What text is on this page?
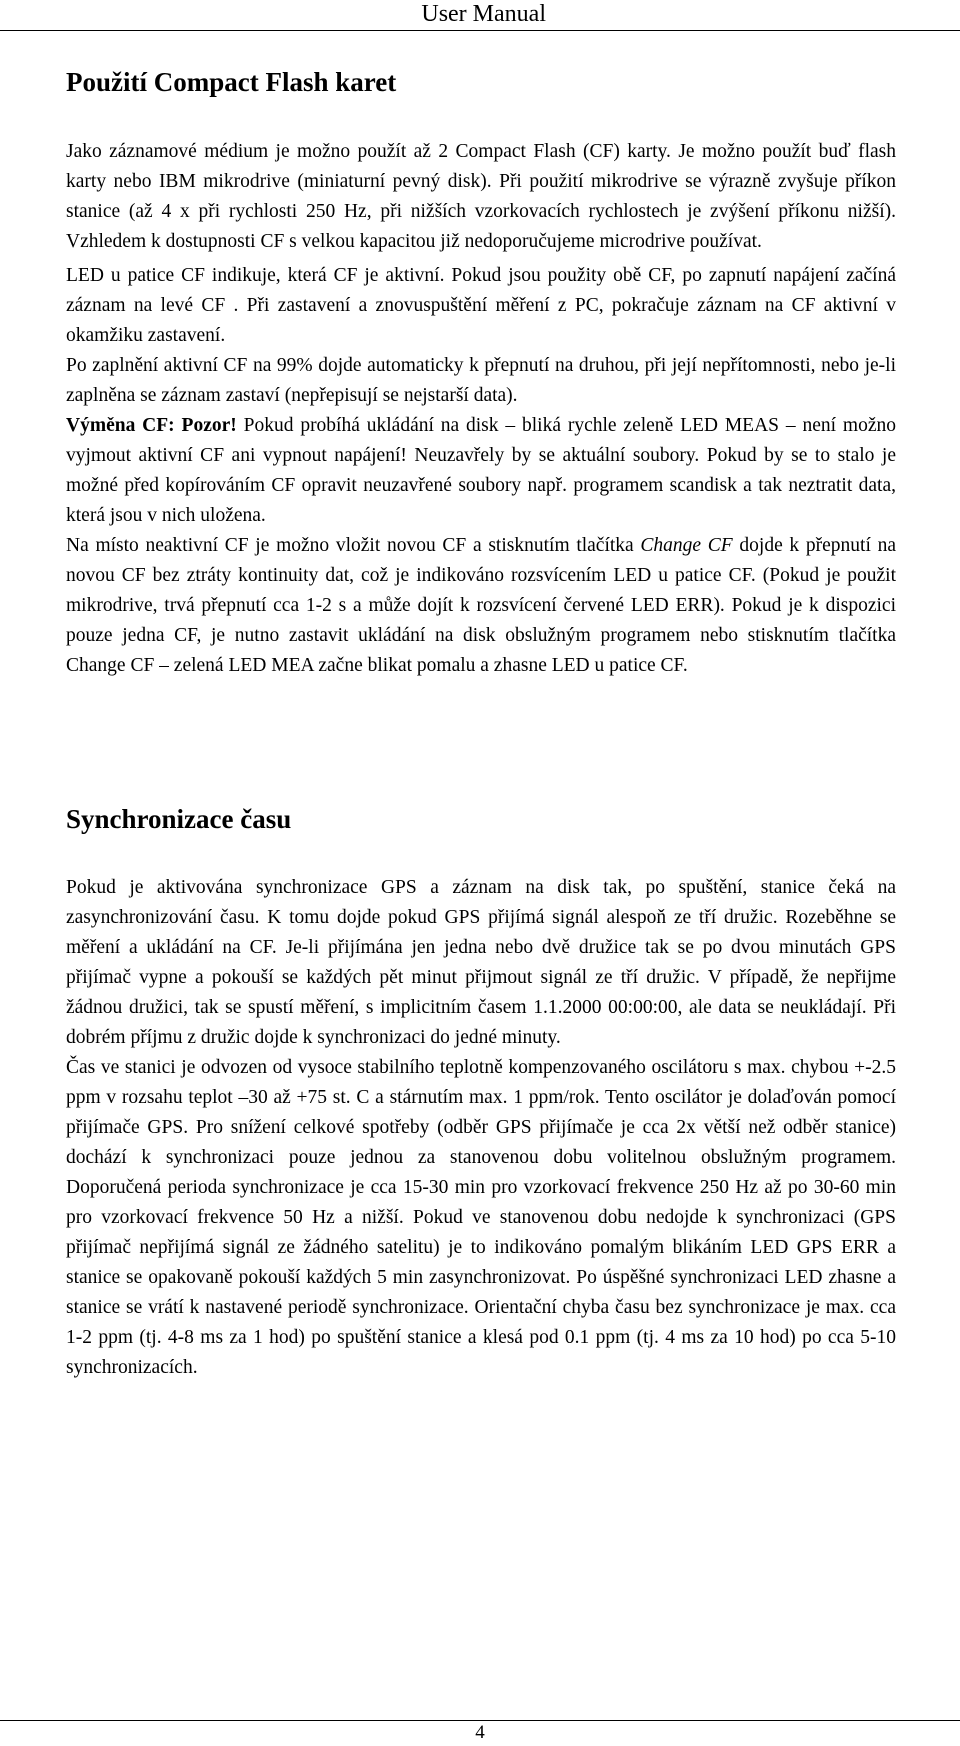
User Manual
Použití Compact Flash karet

Jako záznamové médium je možno použít až 2 Compact Flash (CF) karty. Je možno použít buď flash karty nebo IBM mikrodrive (miniaturní pevný disk). Při použití mikrodrive se výrazně zvyšuje příkon stanice (až 4 x při rychlosti 250 Hz, při nižších vzorkovacích rychlostech je zvýšení příkonu nižší). Vzhledem k dostupnosti CF s velkou kapacitou již nedoporučujeme microdrive používat.

LED u patice CF indikuje, která CF je aktivní. Pokud jsou použity obě CF, po zapnutí napájení začíná záznam na levé CF . Při zastavení a znovuspuštění měření z PC, pokračuje záznam na CF aktivní v okamžiku zastavení.

Po zaplnění aktivní CF na 99% dojde automaticky k přepnutí na druhou, při její nepřítomnosti, nebo je-li zaplněna se záznam zastaví (nepřepisují se nejstarší data).

Výměna CF: Pozor! Pokud probíhá ukládání na disk – bliká rychle zeleně LED MEAS – není možno vyjmout aktivní CF ani vypnout napájení! Neuzavřely by se aktuální soubory. Pokud by se to stalo je možné před kopírováním CF opravit neuzavřené soubory např. programem scandisk a tak neztratit data, která jsou v nich uložena.

Na místo neaktivní CF je možno vložit novou CF a stisknutím tlačítka Change CF dojde k přepnutí na novou CF bez ztráty kontinuity dat, což je indikováno rozsvícením LED u patice CF. (Pokud je použit mikrodrive, trvá přepnutí cca 1-2 s a může dojít k rozsvícení červené LED ERR). Pokud je k dispozici pouze jedna CF, je nutno zastavit ukládání na disk obslužným programem nebo stisknutím tlačítka Change CF – zelená LED MEA začne blikat pomalu a zhasne LED u patice CF.

Synchronizace času

Pokud je aktivována synchronizace GPS a záznam na disk tak, po spuštění, stanice čeká na zasynchronizování času. K tomu dojde pokud GPS přijímá signál alespoň ze tří družic. Rozeběhne se měření a ukládání na CF. Je-li přijímána jen jedna nebo dvě družice tak se po dvou minutách GPS přijímač vypne a pokouší se každých pět minut přijmout signál ze tří družic. V případě, že nepřijme žádnou družici, tak se spustí měření, s implicitním časem 1.1.2000 00:00:00, ale data se neukládají. Při dobrém příjmu z družic dojde k synchronizaci do jedné minuty.

Čas ve stanici je odvozen od vysoce stabilního teplotně kompenzovaného oscilátoru s max. chybou +-2.5 ppm v rozsahu teplot –30 až +75 st. C a stárnutím max. 1 ppm/rok. Tento oscilátor je dolaďován pomocí přijímače GPS. Pro snížení celkové spotřeby (odběr GPS přijímače je cca 2x větší než odběr stanice) dochází k synchronizaci pouze jednou za stanovenou dobu volitelnou obslužným programem. Doporučená perioda synchronizace je cca 15-30 min pro vzorkovací frekvence 250 Hz až po 30-60 min pro vzorkovací frekvence 50 Hz a nižší. Pokud ve stanovenou dobu nedojde k synchronizaci (GPS přijímač nepřijímá signál ze žádného satelitu) je to indikováno pomalým blikáním LED GPS ERR a stanice se opakovaně pokouší každých 5 min zasynchronizovat. Po úspěšné synchronizaci LED zhasne a stanice se vrátí k nastavené periodě synchronizace. Orientační chyba času bez synchronizace je max. cca 1-2 ppm (tj. 4-8 ms za 1 hod) po spuštění stanice a klesá pod 0.1 ppm (tj. 4 ms za 10 hod) po cca 5-10 synchronizacích.

4
